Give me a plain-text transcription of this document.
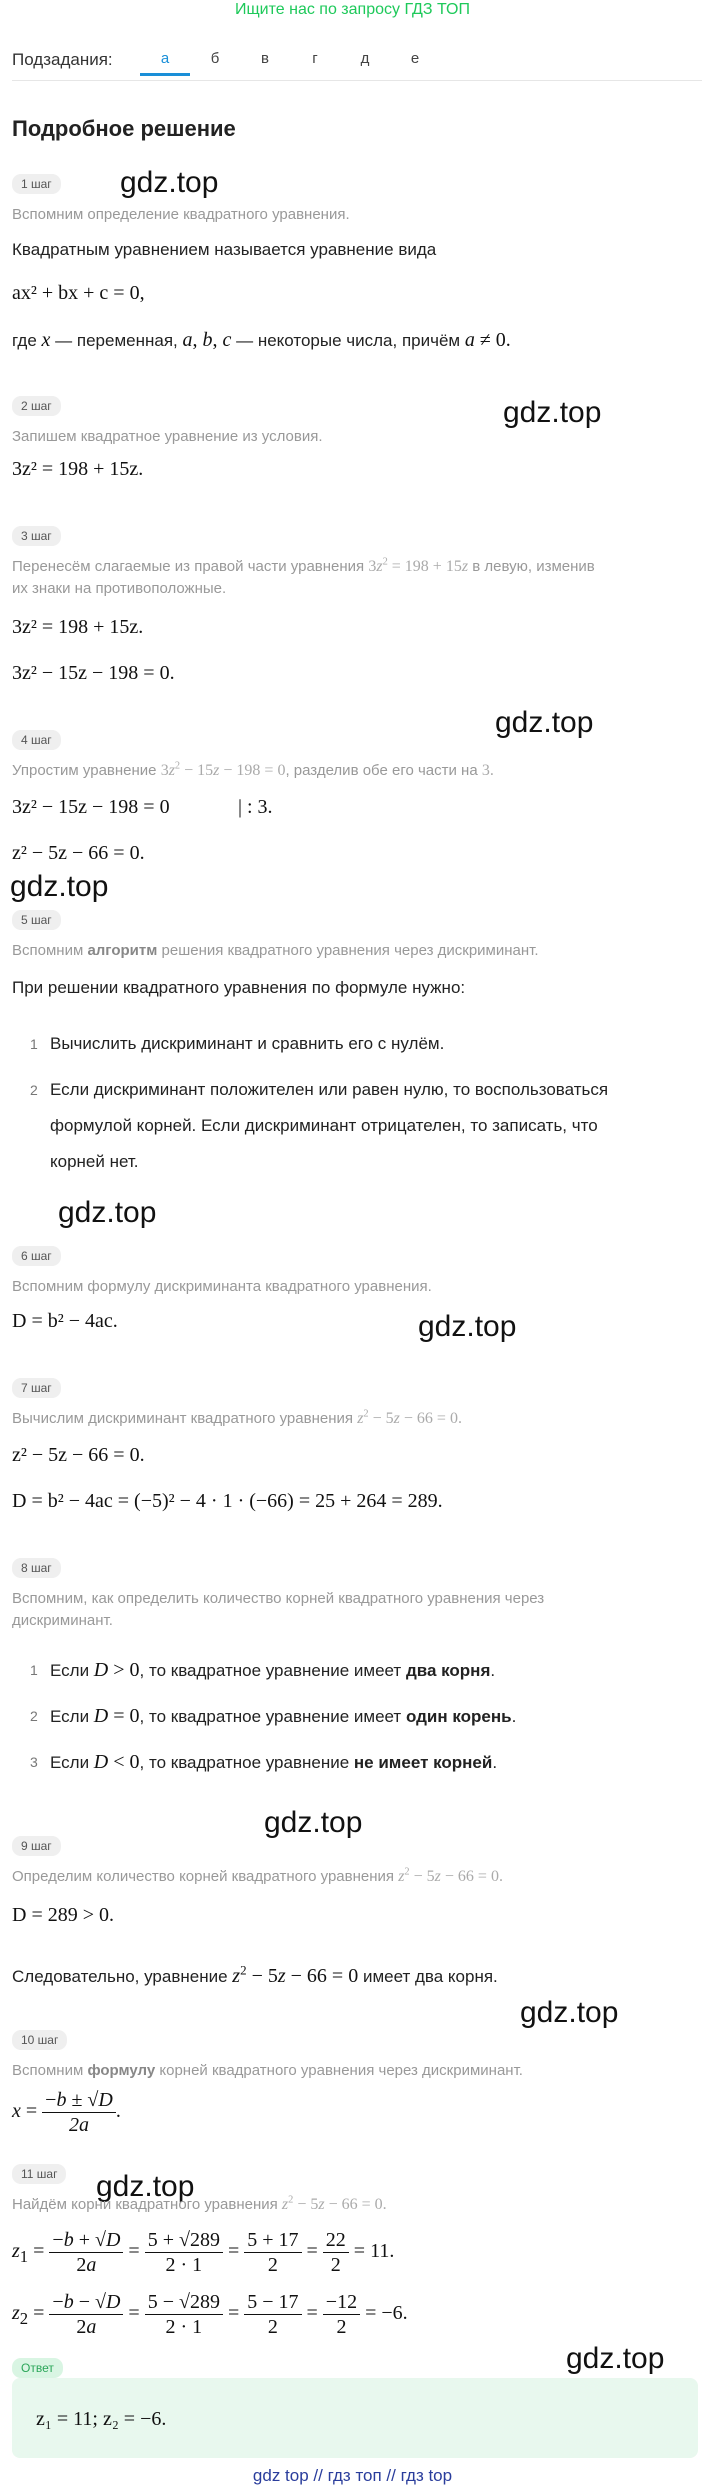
Ищите нас по запросу ГДЗ ТОП
Подзадания:	а	б	в	г	д	е
Подробное решение
gdz.top
gdz.top
gdz.top
gdz.top
gdz.top
gdz.top
gdz.top
gdz.top
gdz.top
gdz.top
1 шаг
Вспомним определение квадратного уравнения.
Квадратным уравнением называется уравнение вида
ax² + bx + c = 0,
где x — переменная, a, b, c — некоторые числа, причём a ≠ 0.
2 шаг
Запишем квадратное уравнение из условия.
3z² = 198 + 15z.
3 шаг
Перенесём слагаемые из правой части уравнения $3z^2 = 198 + 15z$ в левую, изменив
их знаки на противоположные.
3z² = 198 + 15z.
3z² − 15z − 198 = 0.
4 шаг
Упростим уравнение $3z^2 - 15z - 198 = 0$, разделив обе его части на 3.
3z² − 15z − 198 = 0	| : 3.
z² − 5z − 66 = 0.
5 шаг
Вспомним алгоритм решения квадратного уравнения через дискриминант.
При решении квадратного уравнения по формуле нужно:
1 Вычислить дискриминант и сравнить его с нулём.
2 Если дискриминант положителен или равен нулю, то воспользоваться
формулой корней. Если дискриминант отрицателен, то записать, что
корней нет.
6 шаг
Вспомним формулу дискриминанта квадратного уравнения.
D = b² − 4ac.
7 шаг
Вычислим дискриминант квадратного уравнения $z^2 - 5z - 66 = 0$.
z² − 5z − 66 = 0.
D = b² − 4ac = (−5)² − 4 · 1 · (−66) = 25 + 264 = 289.
8 шаг
Вспомним, как определить количество корней квадратного уравнения через
дискриминант.
1 Если D > 0, то квадратное уравнение имеет два корня.
2 Если D = 0, то квадратное уравнение имеет один корень.
3 Если D < 0, то квадратное уравнение не имеет корней.
9 шаг
Определим количество корней квадратного уравнения $z^2 - 5z - 66 = 0$.
D = 289 > 0.
Следовательно, уравнение $z^2 - 5z - 66 = 0$ имеет два корня.
10 шаг
Вспомним формулу корней квадратного уравнения через дискриминант.
$x = \frac{-b \pm √D}{2a}$ .
11 шаг
Найдём корни квадратного уравнения $z^2 - 5z - 66 = 0$.
$z_1 = \frac{-b + √D}{2a} = \frac{5 + √289}{2 \cdot 1} = \frac{5 + 17}{2} = \frac{22}{2} = 11$.
$z_2 = \frac{-b - √D}{2a} = \frac{5 - √289}{2 \cdot 1} = \frac{5 - 17}{2} = \frac{-12}{2} = -6$.
Ответ
z₁ = 11; z₂ = −6.
gdz top // гдз топ // гдз top
